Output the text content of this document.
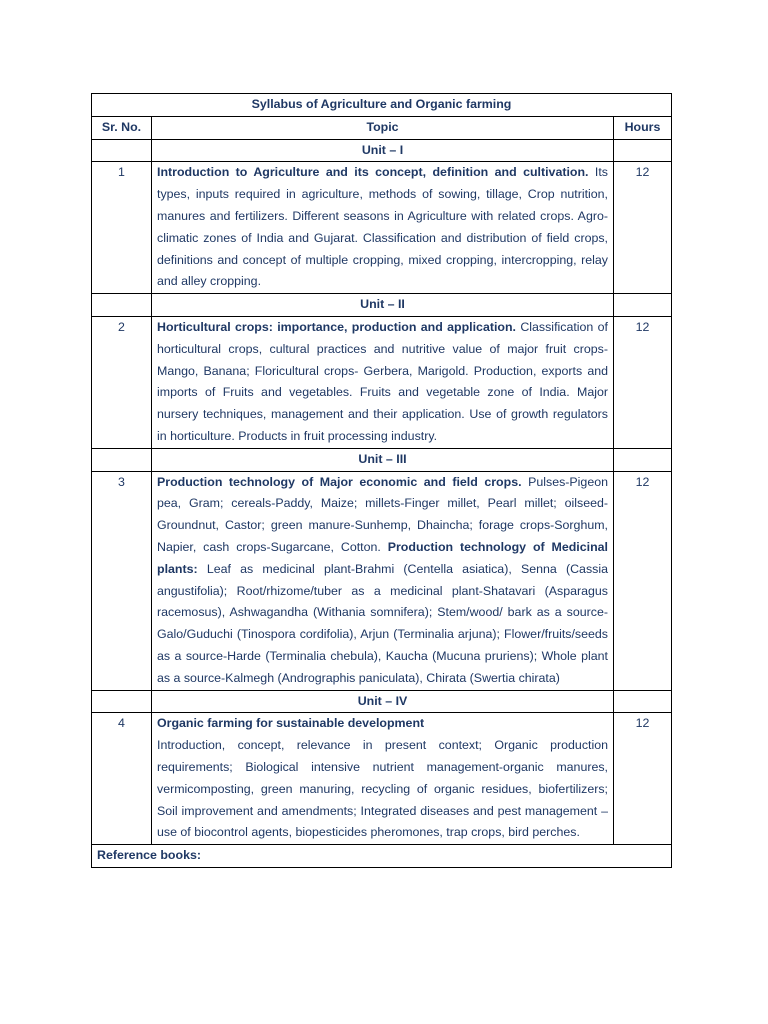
Syllabus of Agriculture and Organic farming		
Sr. No.	Topic	Hours
	Unit – I	
1	Introduction to Agriculture and its concept, definition and cultivation. Its types, inputs required in agriculture, methods of sowing, tillage, Crop nutrition, manures and fertilizers. Different seasons in Agriculture with related crops. Agro-climatic zones of India and Gujarat. Classification and distribution of field crops, definitions and concept of multiple cropping, mixed cropping, intercropping, relay and alley cropping.	12
	Unit – II	
2	Horticultural crops: importance, production and application. Classification of horticultural crops, cultural practices and nutritive value of major fruit crops-Mango, Banana; Floricultural crops- Gerbera, Marigold. Production, exports and imports of Fruits and vegetables. Fruits and vegetable zone of India. Major nursery techniques, management and their application. Use of growth regulators in horticulture. Products in fruit processing industry.	12
	Unit – III	
3	Production technology of Major economic and field crops. Pulses-Pigeon pea, Gram; cereals-Paddy, Maize; millets-Finger millet, Pearl millet; oilseed-Groundnut, Castor; green manure-Sunhemp, Dhaincha; forage crops-Sorghum, Napier, cash crops-Sugarcane, Cotton. Production technology of Medicinal plants: Leaf as medicinal plant-Brahmi (Centella asiatica), Senna (Cassia angustifolia); Root/rhizome/tuber as a medicinal plant-Shatavari (Asparagus racemosus), Ashwagandha (Withania somnifera); Stem/wood/ bark as a source-Galo/Guduchi (Tinospora cordifolia), Arjun (Terminalia arjuna); Flower/fruits/seeds as a source-Harde (Terminalia chebula), Kaucha (Mucuna pruriens); Whole plant as a source-Kalmegh (Andrographis paniculata), Chirata (Swertia chirata)	12
	Unit – IV	
4	Organic farming for sustainable development
Introduction, concept, relevance in present context; Organic production requirements; Biological intensive nutrient management-organic manures, vermicomposting, green manuring, recycling of organic residues, biofertilizers; Soil improvement and amendments; Integrated diseases and pest management – use of biocontrol agents, biopesticides pheromones, trap crops, bird perches.	12
Reference books:		
